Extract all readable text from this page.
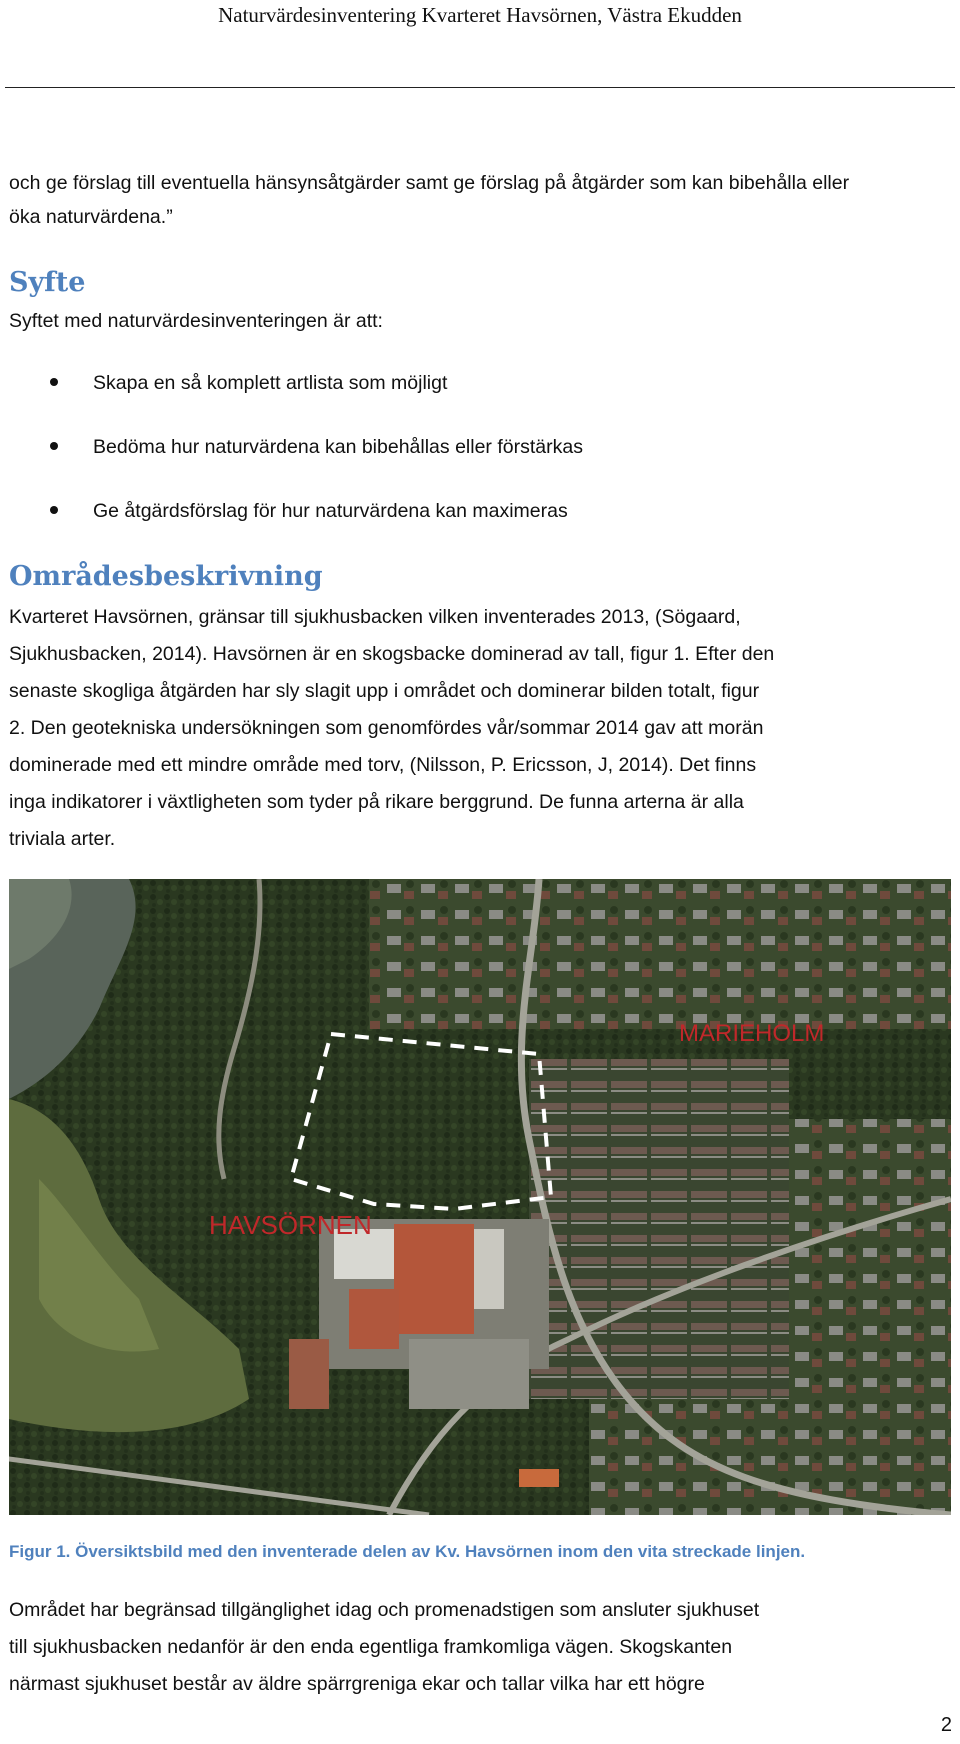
Naturvärdesinventering Kvarteret Havsörnen, Västra Ekudden
och ge förslag till eventuella hänsynsåtgärder samt ge förslag på åtgärder som kan bibehålla eller
öka naturvärdena.”
Syfte
Syftet med naturvärdesinventeringen är att:
Skapa en så komplett artlista som möjligt
Bedöma hur naturvärdena kan bibehållas eller förstärkas
Ge åtgärdsförslag för hur naturvärdena kan maximeras
Områdesbeskrivning
Kvarteret Havsörnen, gränsar till sjukhusbacken vilken inventerades 2013, (Sögaard,
Sjukhusbacken, 2014). Havsörnen är en skogsbacke dominerad av tall, figur 1. Efter den
senaste skogliga åtgärden har sly slagit upp i området och dominerar bilden totalt, figur
2. Den geotekniska undersökningen som genomfördes vår/sommar 2014 gav att morän
dominerade med ett mindre område med torv, (Nilsson, P. Ericsson, J, 2014). Det finns
inga indikatorer i växtligheten som tyder på rikare berggrund. De funna arterna är alla
triviala arter.
HAVSÖRNEN
MARIEHOLM
Figur 1. Översiktsbild med den inventerade delen av Kv. Havsörnen inom den vita streckade linjen.
Området har begränsad tillgänglighet idag och promenadstigen som ansluter sjukhuset
till sjukhusbacken nedanför är den enda egentliga framkomliga vägen. Skogskanten
närmast sjukhuset består av äldre spärrgreniga ekar och tallar vilka har ett högre
2
